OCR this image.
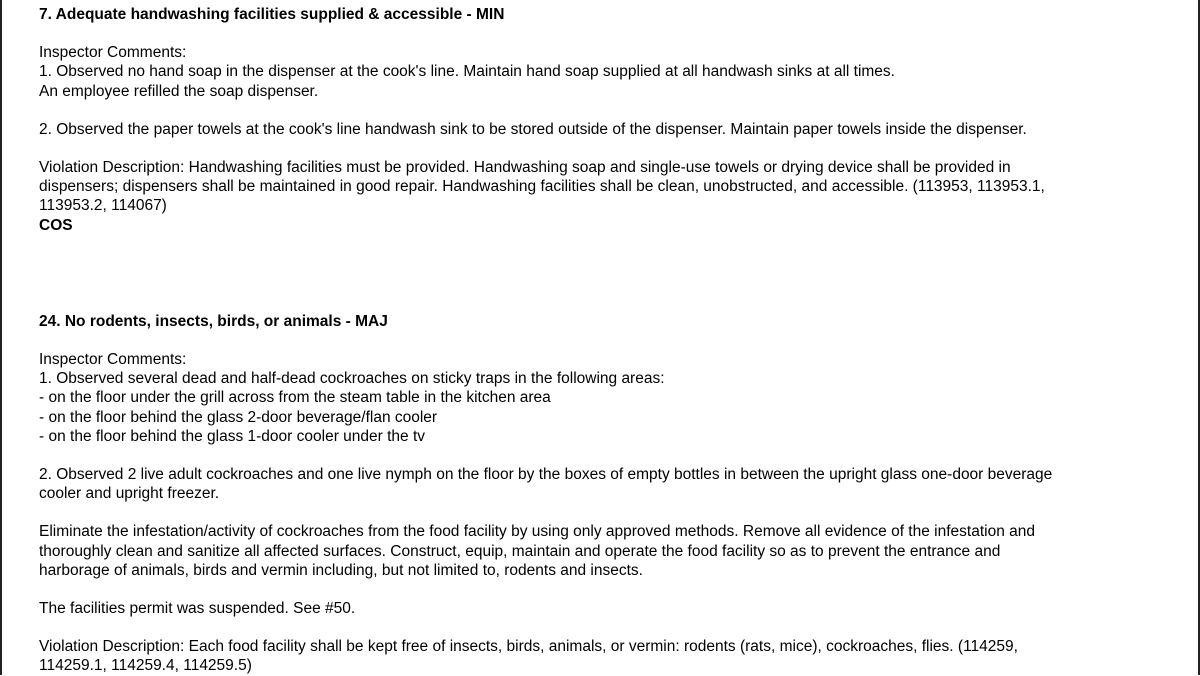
7. Adequate handwashing facilities supplied & accessible - MIN

Inspector Comments:

1. Observed no hand soap in the dispenser at the cook's line. Maintain hand soap supplied at all handwash sinks at all times.

An employee refilled the soap dispenser.

2. Observed the paper towels at the cook's line handwash sink to be stored outside of the dispenser. Maintain paper towels inside the dispenser.

Violation Description: Handwashing facilities must be provided. Handwashing soap and single-use towels or drying device shall be provided in

dispensers; dispensers shall be maintained in good repair. Handwashing facilities shall be clean, unobstructed, and accessible. (113953, 113953.1,

113953.2, 114067)

COS

24. No rodents, insects, birds, or animals - MAJ

Inspector Comments:

1. Observed several dead and half-dead cockroaches on sticky traps in the following areas:

- on the floor under the grill across from the steam table in the kitchen area

- on the floor behind the glass 2-door beverage/flan cooler

- on the floor behind the glass 1-door cooler under the tv

2. Observed 2 live adult cockroaches and one live nymph on the floor by the boxes of empty bottles in between the upright glass one-door beverage

cooler and upright freezer.

Eliminate the infestation/activity of cockroaches from the food facility by using only approved methods. Remove all evidence of the infestation and

thoroughly clean and sanitize all affected surfaces. Construct, equip, maintain and operate the food facility so as to prevent the entrance and

harborage of animals, birds and vermin including, but not limited to, rodents and insects.

The facilities permit was suspended. See #50.

Violation Description: Each food facility shall be kept free of insects, birds, animals, or vermin: rodents (rats, mice), cockroaches, flies. (114259,

114259.1, 114259.4, 114259.5)
